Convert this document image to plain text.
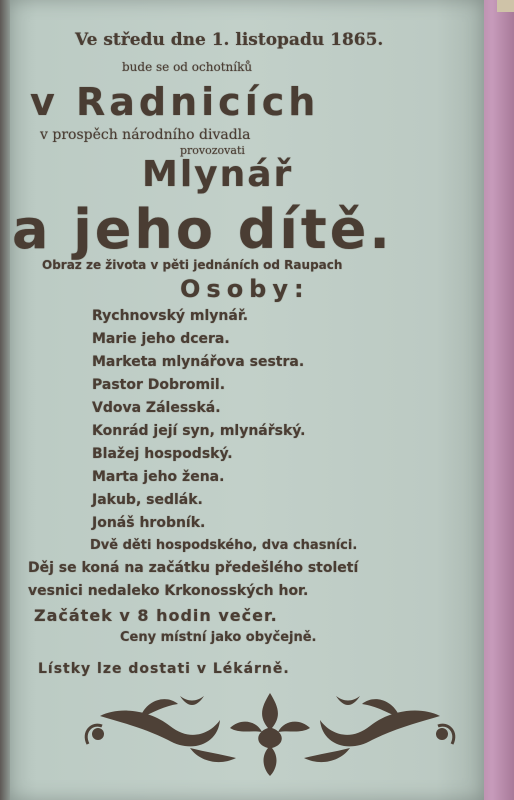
Ve středu dne 1. listopadu 1865.
bude se od ochotníků
v Radnicích
v prospěch národního divadla
provozovati
Mlynář
a jeho dítě.
Obraz ze života v pěti jednáních od Raupach
Osoby:
Rychnovský mlynář.
Marie jeho dcera.
Marketa mlynářova sestra.
Pastor Dobromil.
Vdova Zálesská.
Konrád její syn, mlynářský.
Blažej hospodský.
Marta jeho žena.
Jakub, sedlák.
Jonáš hrobník.
Dvě děti hospodského, dva chasníci.
Děj se koná na začátku předešlého století
vesnici nedaleko Krkonosských hor.
Začátek v 8 hodin večer.
Ceny místní jako obyčejně.
Lístky lze dostati v Lékárně.
